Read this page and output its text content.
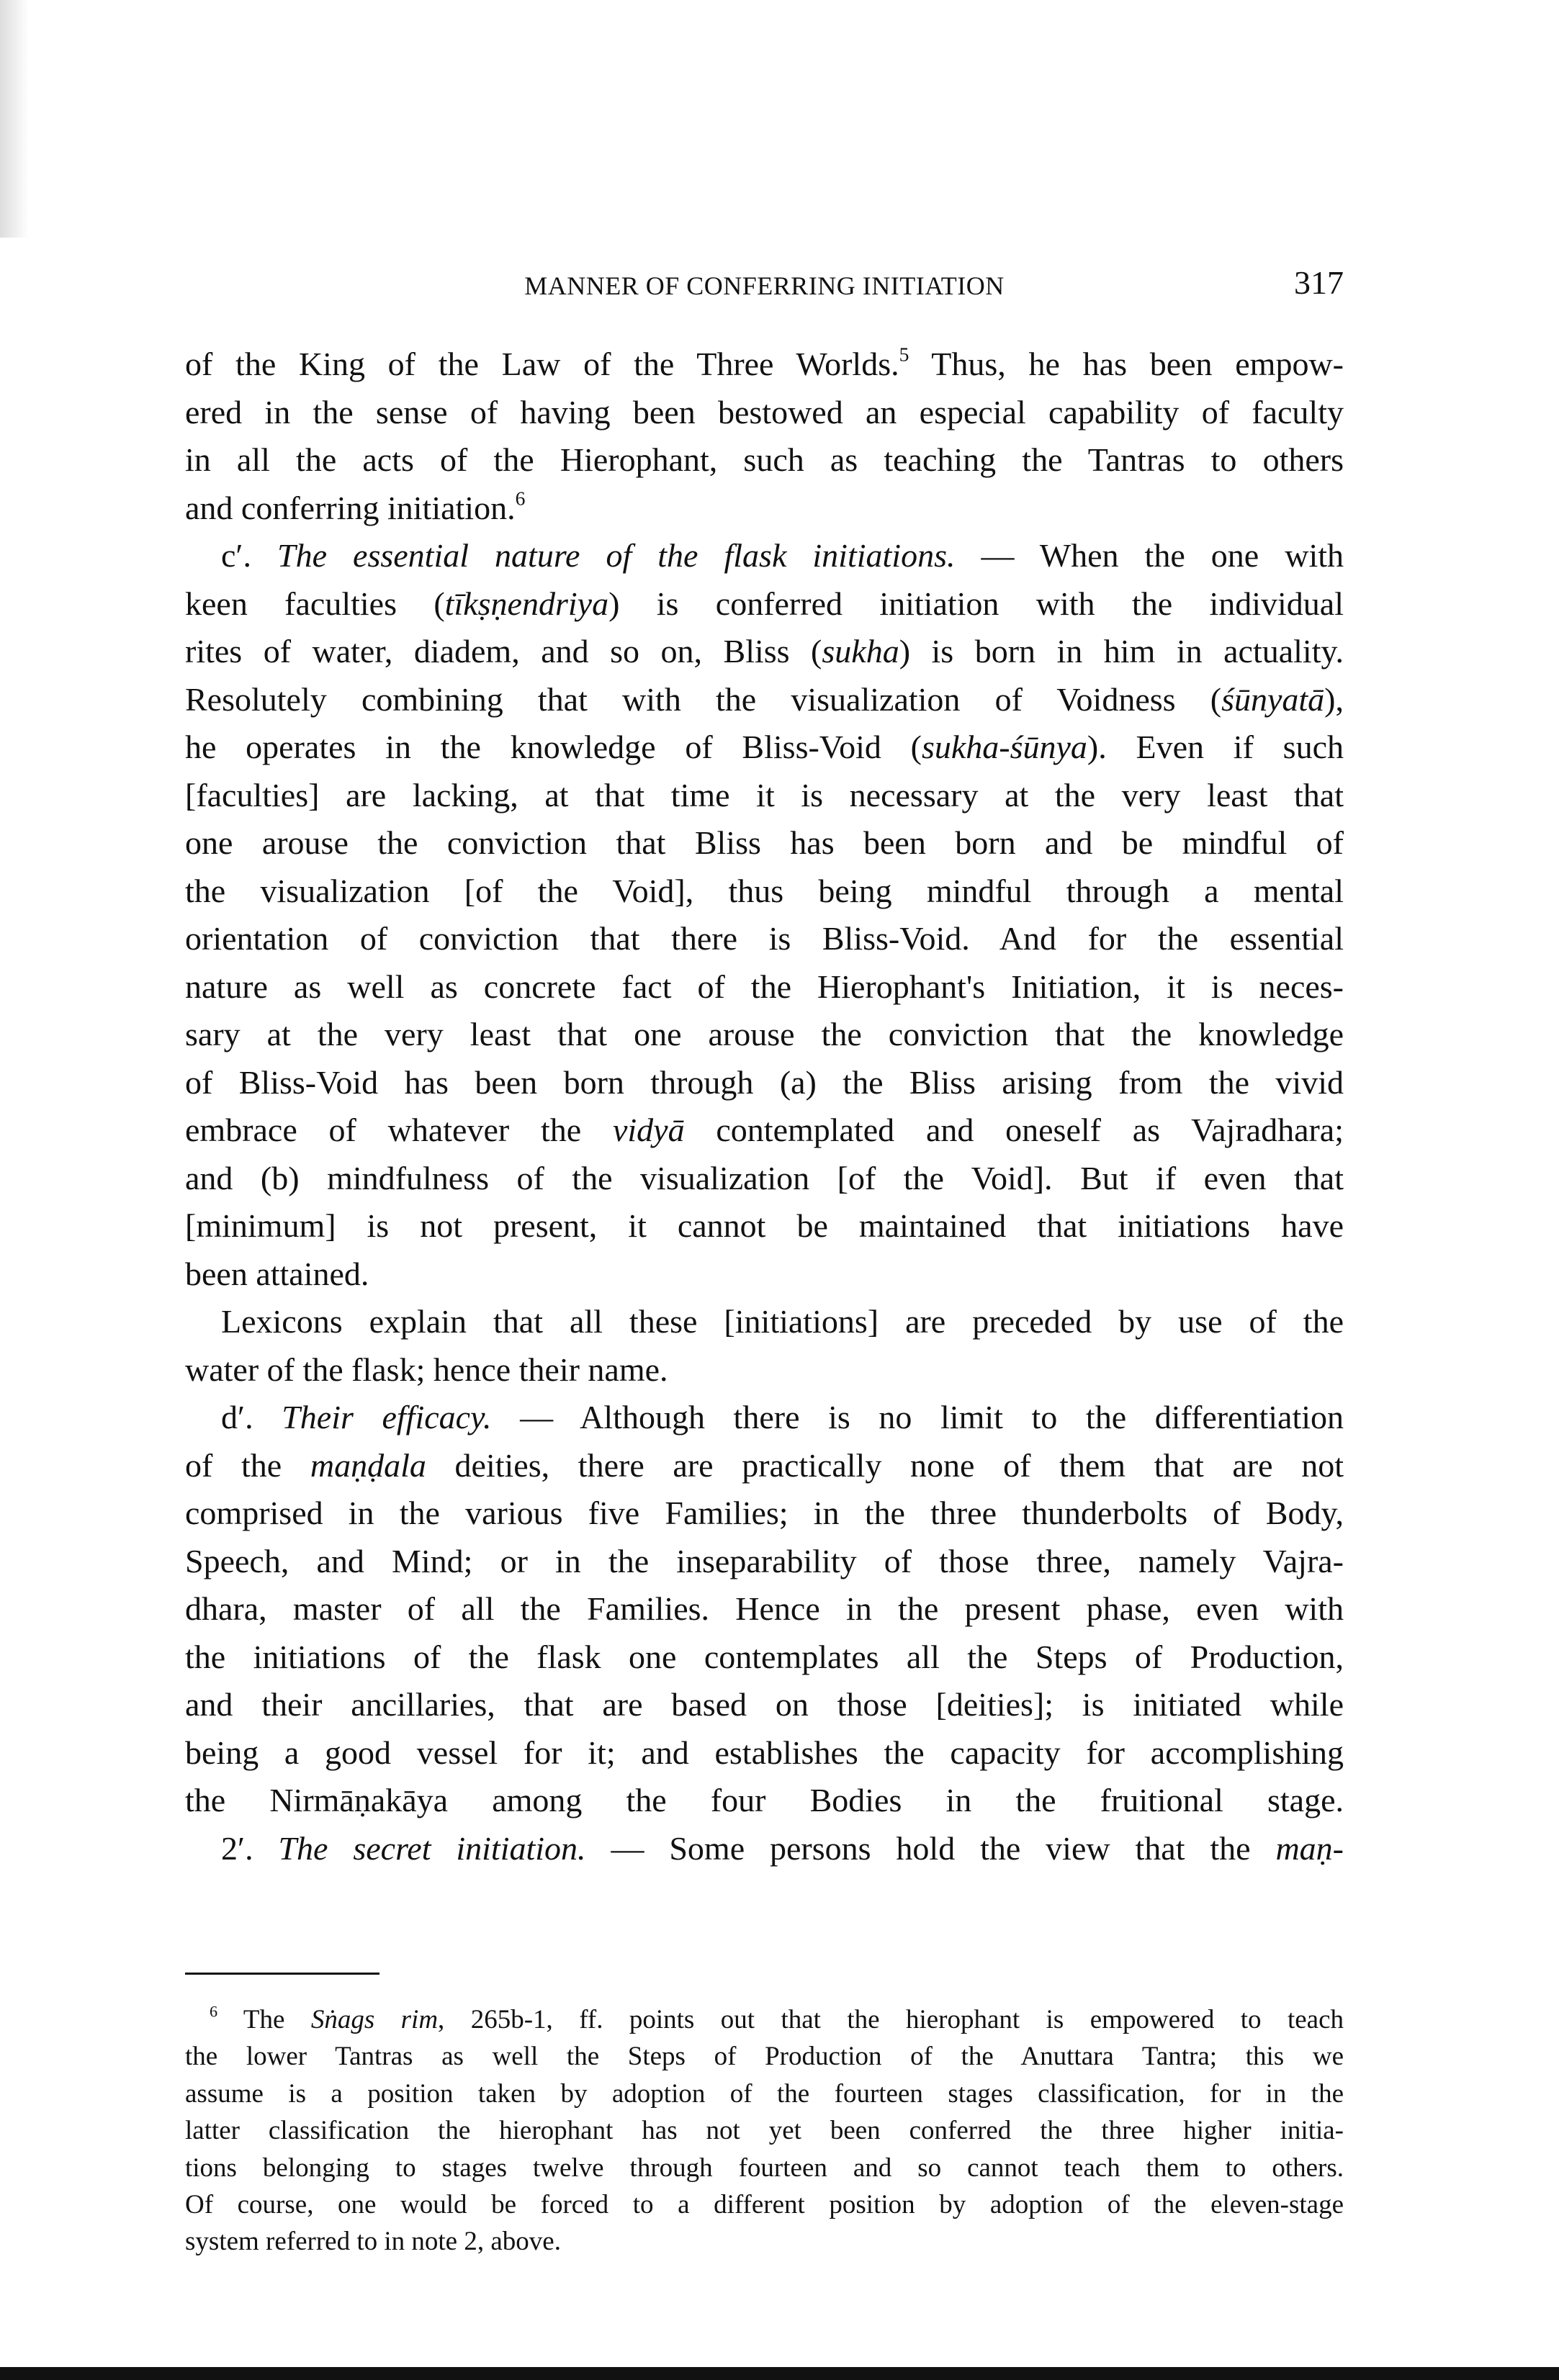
MANNER OF CONFERRING INITIATION	317
of the King of the Law of the Three Worlds.$^5$ Thus, he has been empow-
ered in the sense of having been bestowed an especial capability of faculty
in all the acts of the Hierophant, such as teaching the Tantras to others
and conferring initiation.$^6$
c′. The essential nature of the flask initiations. — When the one with
keen faculties (tīkṣṇendriya) is conferred initiation with the individual
rites of water, diadem, and so on, Bliss (sukha) is born in him in actuality.
Resolutely combining that with the visualization of Voidness (śūnyatā),
he operates in the knowledge of Bliss-Void (sukha-śūnya). Even if such
[faculties] are lacking, at that time it is necessary at the very least that
one arouse the conviction that Bliss has been born and be mindful of
the visualization [of the Void], thus being mindful through a mental
orientation of conviction that there is Bliss-Void. And for the essential
nature as well as concrete fact of the Hierophant's Initiation, it is neces-
sary at the very least that one arouse the conviction that the knowledge
of Bliss-Void has been born through (a) the Bliss arising from the vivid
embrace of whatever the vidyā contemplated and oneself as Vajradhara;
and (b) mindfulness of the visualization [of the Void]. But if even that
[minimum] is not present, it cannot be maintained that initiations have
been attained.
Lexicons explain that all these [initiations] are preceded by use of the
water of the flask; hence their name.
d′. Their efficacy. — Although there is no limit to the differentiation
of the maṇḍala deities, there are practically none of them that are not
comprised in the various five Families; in the three thunderbolts of Body,
Speech, and Mind; or in the inseparability of those three, namely Vajra-
dhara, master of all the Families. Hence in the present phase, even with
the initiations of the flask one contemplates all the Steps of Production,
and their ancillaries, that are based on those [deities]; is initiated while
being a good vessel for it; and establishes the capacity for accomplishing
the Nirmāṇakāya among the four Bodies in the fruitional stage.
2′. The secret initiation. — Some persons hold the view that the maṇ-
$^6$ The Sṅags rim, 265b-1, ff. points out that the hierophant is empowered to teach
the lower Tantras as well the Steps of Production of the Anuttara Tantra; this we
assume is a position taken by adoption of the fourteen stages classification, for in the
latter classification the hierophant has not yet been conferred the three higher initia-
tions belonging to stages twelve through fourteen and so cannot teach them to others.
Of course, one would be forced to a different position by adoption of the eleven-stage
system referred to in note 2, above.
